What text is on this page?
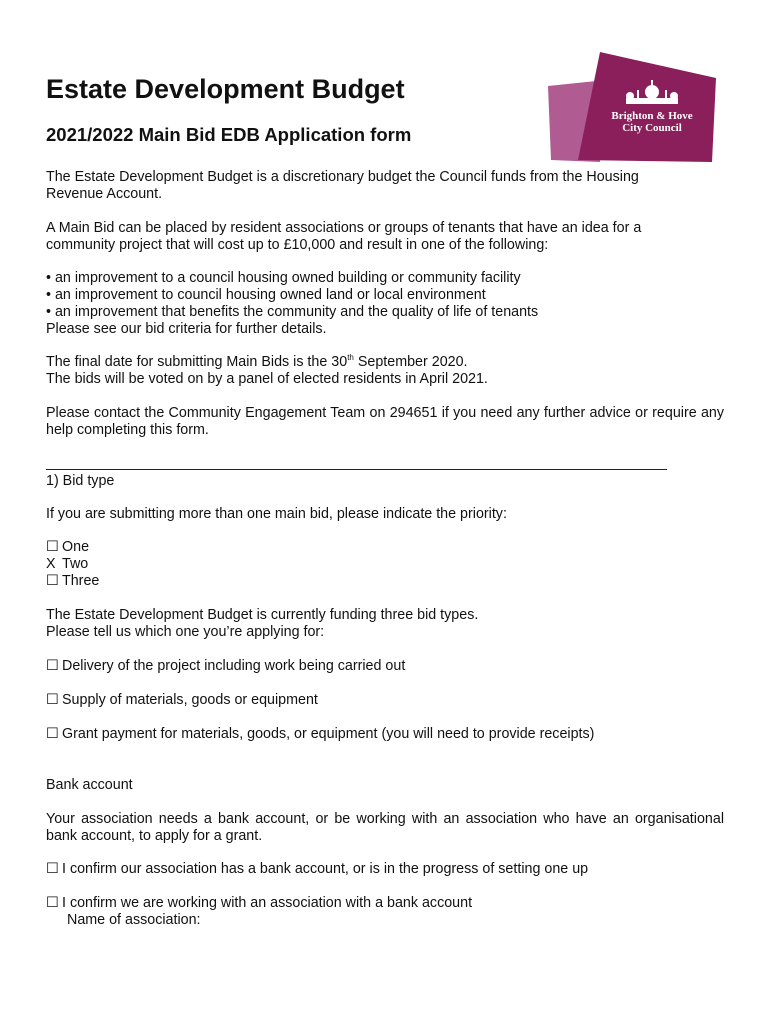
Estate Development Budget
2021/2022 Main Bid EDB Application form
Brighton & Hove
City Council
The Estate Development Budget is a discretionary budget the Council funds from the Housing
Revenue Account.
A Main Bid can be placed by resident associations or groups of tenants that have an idea for a
community project that will cost up to £10,000 and result in one of the following:
• an improvement to a council housing owned building or community facility
• an improvement to council housing owned land or local environment
• an improvement that benefits the community and the quality of life of tenants
Please see our bid criteria for further details.
The final date for submitting Main Bids is the 30th September 2020.
The bids will be voted on by a panel of elected residents in April 2021.
Please contact the Community Engagement Team on 294651 if you need any further advice or require any help completing this form.
1) Bid type
If you are submitting more than one main bid, please indicate the priority:
☐ One
X Two
☐ Three
The Estate Development Budget is currently funding three bid types.
Please tell us which one you’re applying for:
☐ Delivery of the project including work being carried out
☐ Supply of materials, goods or equipment
☐ Grant payment for materials, goods, or equipment (you will need to provide receipts)
Bank account
Your association needs a bank account, or be working with an association who have an organisational bank account, to apply for a grant.
☐ I confirm our association has a bank account, or is in the progress of setting one up
☐ I confirm we are working with an association with a bank account
Name of association:
